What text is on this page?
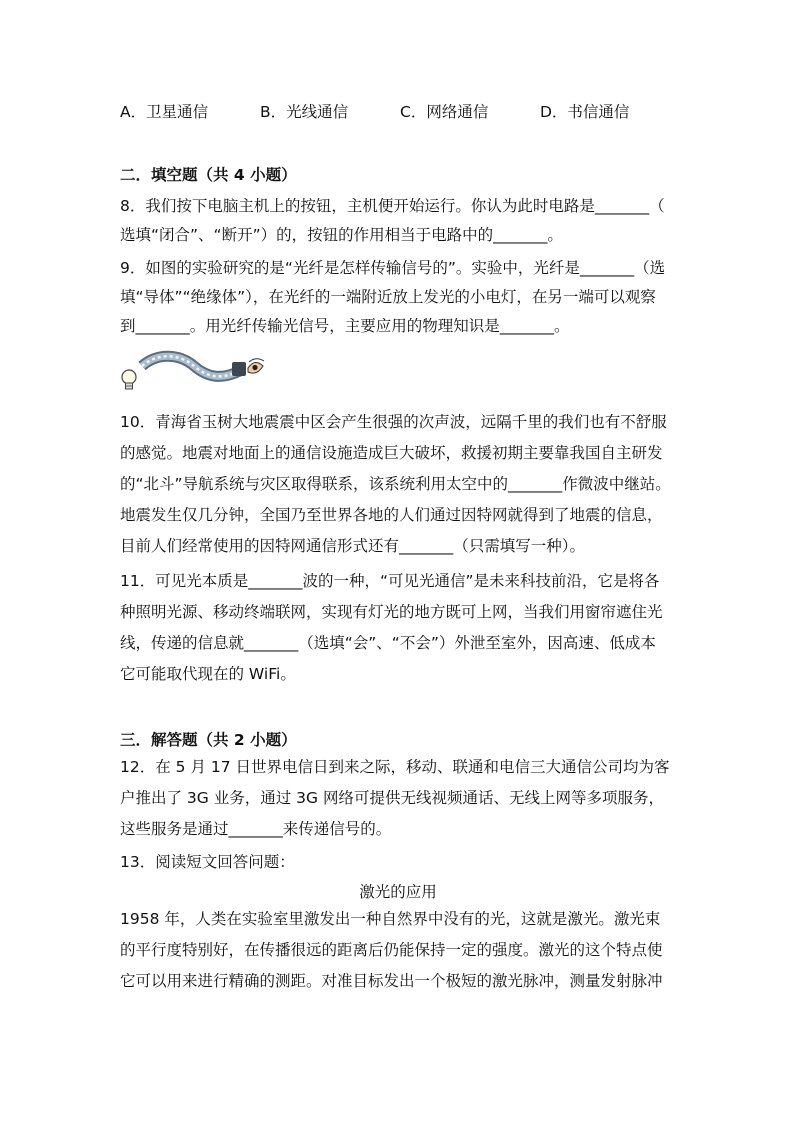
A．卫星通信	B．光线通信	C．网络通信	D．书信通信
二．填空题（共 4 小题）
8．我们按下电脑主机上的按钮，主机便开始运行。你认为此时电路是_______（
选填“闭合”、“断开”）的，按钮的作用相当于电路中的_______。
9．如图的实验研究的是“光纤是怎样传输信号的”。实验中，光纤是_______（选
填“导体”“绝缘体”），在光纤的一端附近放上发光的小电灯，在另一端可以观察
到_______。用光纤传输光信号，主要应用的物理知识是_______。
10．青海省玉树大地震震中区会产生很强的次声波，远隔千里的我们也有不舒服
的感觉。地震对地面上的通信设施造成巨大破坏，救援初期主要靠我国自主研发
的“北斗”导航系统与灾区取得联系，该系统利用太空中的_______作微波中继站。
地震发生仅几分钟，全国乃至世界各地的人们通过因特网就得到了地震的信息，
目前人们经常使用的因特网通信形式还有_______（只需填写一种）。
11．可见光本质是_______波的一种，“可见光通信”是未来科技前沿，它是将各
种照明光源、移动终端联网，实现有灯光的地方既可上网，当我们用窗帘遮住光
线，传递的信息就_______（选填“会”、“不会”）外泄至室外，因高速、低成本
它可能取代现在的 WiFi。
三．解答题（共 2 小题）
12．在 5 月 17 日世界电信日到来之际，移动、联通和电信三大通信公司均为客
户推出了 3G 业务，通过 3G 网络可提供无线视频通话、无线上网等多项服务，
这些服务是通过_______来传递信号的。
13．阅读短文回答问题：
激光的应用
1958 年，人类在实验室里激发出一种自然界中没有的光，这就是激光。激光束
的平行度特别好，在传播很远的距离后仍能保持一定的强度。激光的这个特点使
它可以用来进行精确的测距。对准目标发出一个极短的激光脉冲，测量发射脉冲
